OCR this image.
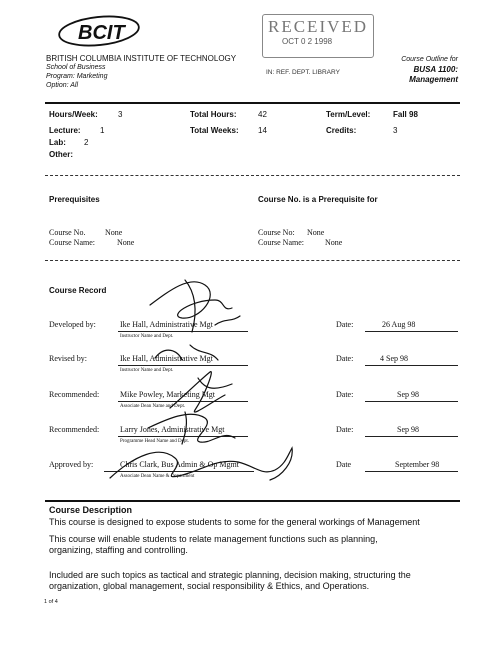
BCIT
BRITISH COLUMBIA INSTITUTE OF TECHNOLOGY
School of Business
Program: Marketing
Option: All
RECEIVED
OCT 0 2 1998
IN: REF. DEPT. LIBRARY
Course Outline for
BUSA 1100:
Management
Hours/Week:	3	Total Hours:	42	Term/Level:	Fall 98
Lecture: 1	Total Weeks: 14	Credits:	3
Lab: 2
Other:
Prerequisites	Course No. is a Prerequisite for
Course No. None
Course Name:	None
Course No: None
Course Name:	None
Course Record
Developed by:	Ike Hall, Administrative Mgt
Instructor Name and Dept.
Date:	26 Aug 98
Revised by:	Ike Hall, Administrative Mgt
Instructor Name and Dept.
Date:	4 Sep 98
Recommended:	Mike Powley, Marketing Mgt
Associate Dean Name and Dept.
Date:	Sep 98
Recommended:	Larry Jones, Administrative Mgt
Programme Head Name and Dept.
Date:	Sep 98
Approved by:	Chris Clark, Bus Admin & Op Mgmt
Associate Dean Name & Department
Date	September 98
Course Description
This course is designed to expose students to some for the general workings of Management
This course will enable students to relate management functions such as planning,
organizing, staffing and controlling.
Included are such topics as tactical and strategic planning, decision making, structuring the
organization, global management, social responsibility & Ethics, and Operations.
1 of 4
